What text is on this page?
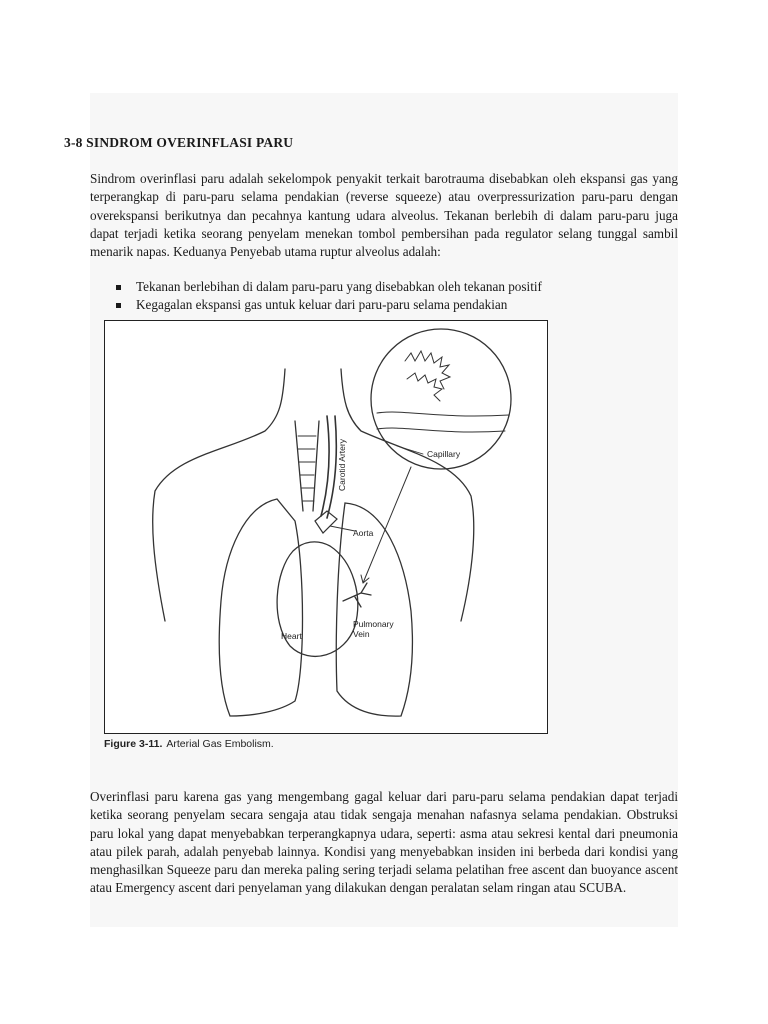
3-8 SINDROM OVERINFLASI PARU

Sindrom overinflasi paru adalah sekelompok penyakit terkait barotrauma disebabkan oleh ekspansi gas yang terperangkap di paru-paru selama pendakian (reverse squeeze) atau overpressurization paru-paru dengan overekspansi berikutnya dan pecahnya kantung udara alveolus. Tekanan berlebih di dalam paru-paru juga dapat terjadi ketika seorang penyelam menekan tombol pembersihan pada regulator selang tunggal sambil menarik napas. Keduanya Penyebab utama ruptur alveolus adalah:

Tekanan berlebihan di dalam paru-paru yang disebabkan oleh tekanan positif
Kegagalan ekspansi gas untuk keluar dari paru-paru selama pendakian
Aorta
Capillary
Heart
Pulmonary
Vein
Carotid Artery
Figure 3-11. Arterial Gas Embolism.

Overinflasi paru karena gas yang mengembang gagal keluar dari paru-paru selama pendakian dapat terjadi ketika seorang penyelam secara sengaja atau tidak sengaja menahan nafasnya selama pendakian. Obstruksi paru lokal yang dapat menyebabkan terperangkapnya udara, seperti: asma atau sekresi kental dari pneumonia atau pilek parah, adalah penyebab lainnya. Kondisi yang menyebabkan insiden ini berbeda dari kondisi yang menghasilkan Squeeze paru dan mereka paling sering terjadi selama pelatihan free ascent dan buoyance ascent atau Emergency ascent dari penyelaman yang dilakukan dengan peralatan selam ringan atau SCUBA.
